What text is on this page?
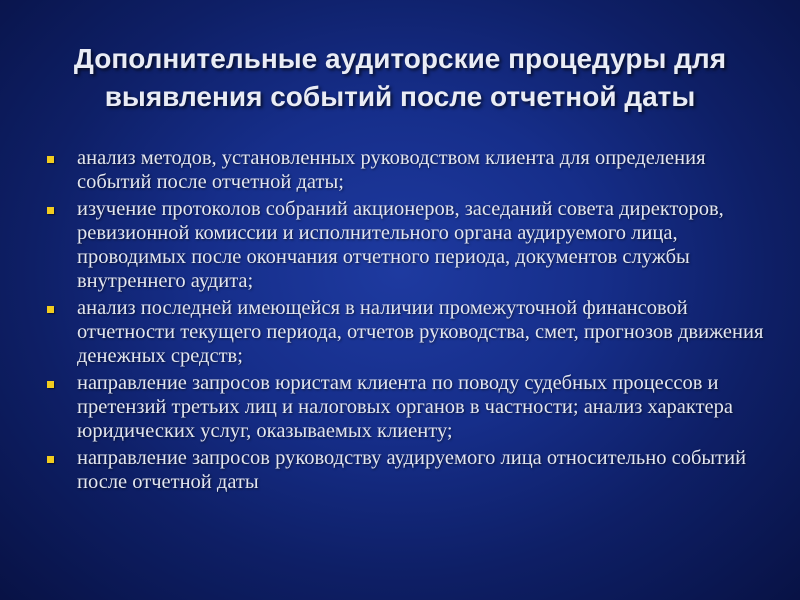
Дополнительные аудиторские процедуры для выявления событий после отчетной даты
анализ методов, установленных руководством клиента для определения событий после отчетной даты;
изучение протоколов собраний акционеров, заседаний совета директоров, ревизионной комиссии и исполнительного органа аудируемого лица, проводимых после окончания отчетного периода, документов службы внутреннего аудита;
анализ последней имеющейся в наличии промежуточной финансовой отчетности текущего периода, отчетов руководства, смет, прогнозов движения денежных средств;
направление запросов юристам клиента по поводу судебных процессов и претензий третьих лиц и налоговых органов в частности; анализ характера юридических услуг, оказываемых клиенту;
направление запросов руководству аудируемого лица относительно событий после отчетной даты
